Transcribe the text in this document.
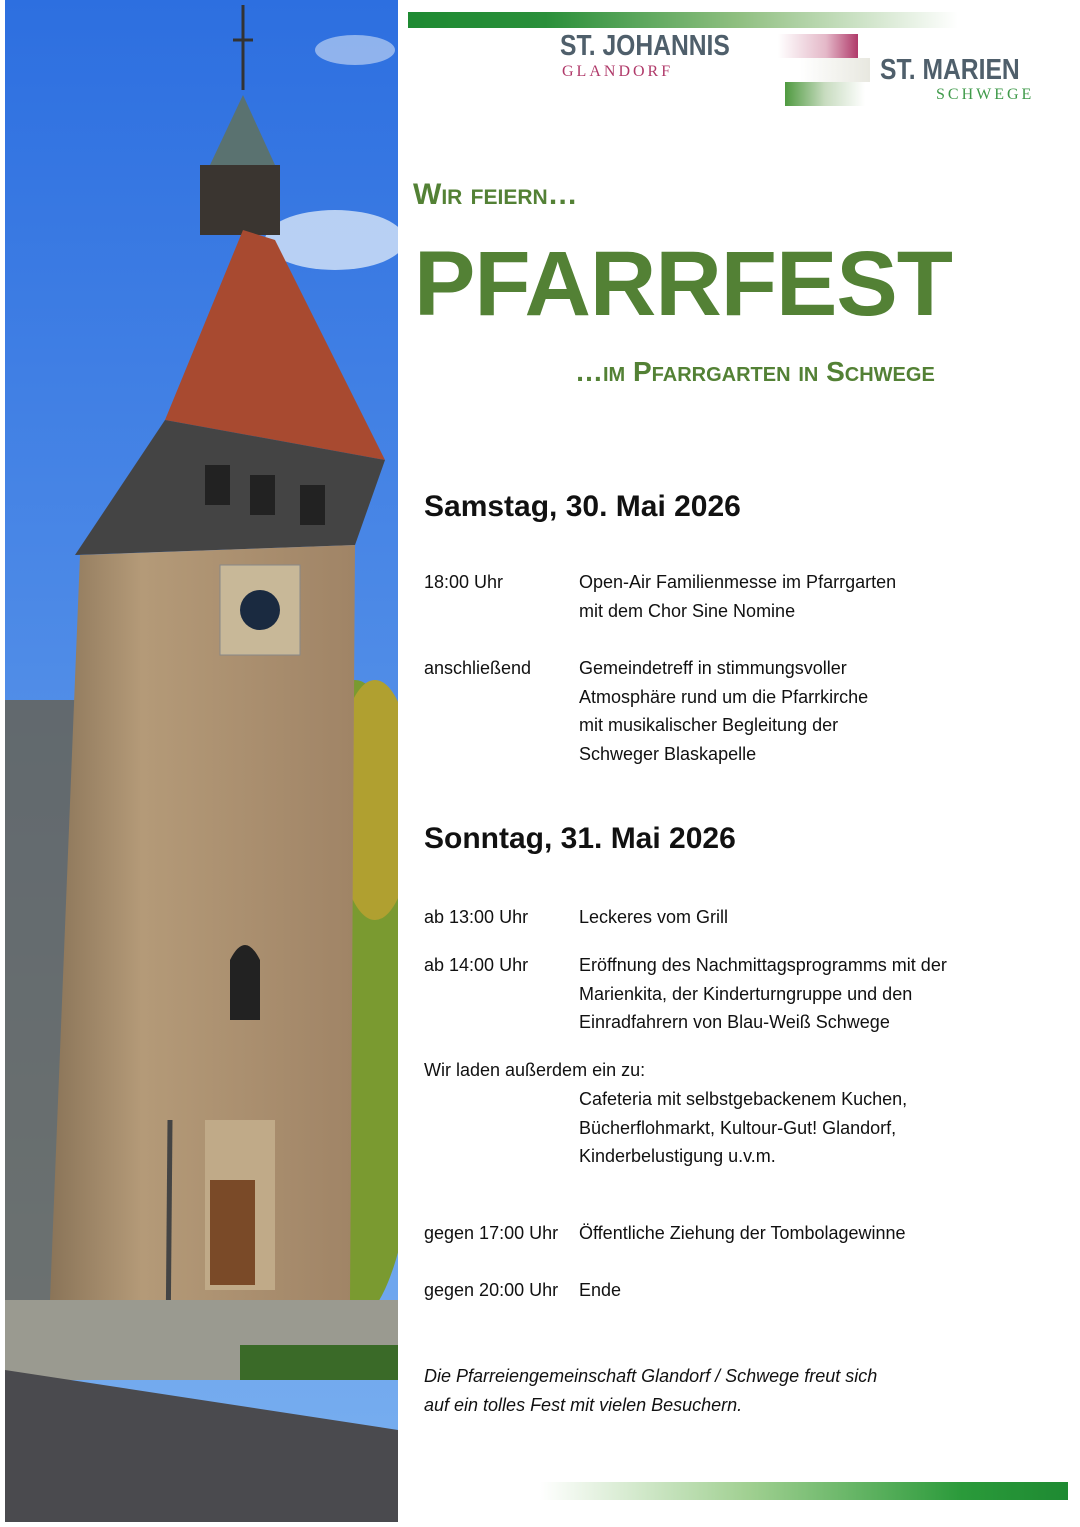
ST. JOHANNIS
GLANDORF	ST. MARIEN
SCHWEGE
Wir feiern…
PFARRFEST
…im Pfarrgarten in Schwege
Samstag, 30. Mai 2026
18:00 Uhr	Open-Air Familienmesse im Pfarrgarten
mit dem Chor Sine Nomine
anschließend	Gemeindetreff in stimmungsvoller
Atmosphäre rund um die Pfarrkirche
mit musikalischer Begleitung der
Schweger Blaskapelle
Sonntag, 31. Mai 2026
ab 13:00 Uhr	Leckeres vom Grill
ab 14:00 Uhr	Eröffnung des Nachmittagsprogramms mit der
Marienkita, der Kinderturngruppe und den
Einradfahrern von Blau-Weiß Schwege
Wir laden außerdem ein zu:
Cafeteria mit selbstgebackenem Kuchen,
Bücherflohmarkt, Kultour-Gut! Glandorf,
Kinderbelustigung u.v.m.
gegen 17:00 Uhr Öffentliche Ziehung der Tombolagewinne
gegen 20:00 Uhr Ende
Die Pfarreiengemeinschaft Glandorf / Schwege freut sich
auf ein tolles Fest mit vielen Besuchern.
